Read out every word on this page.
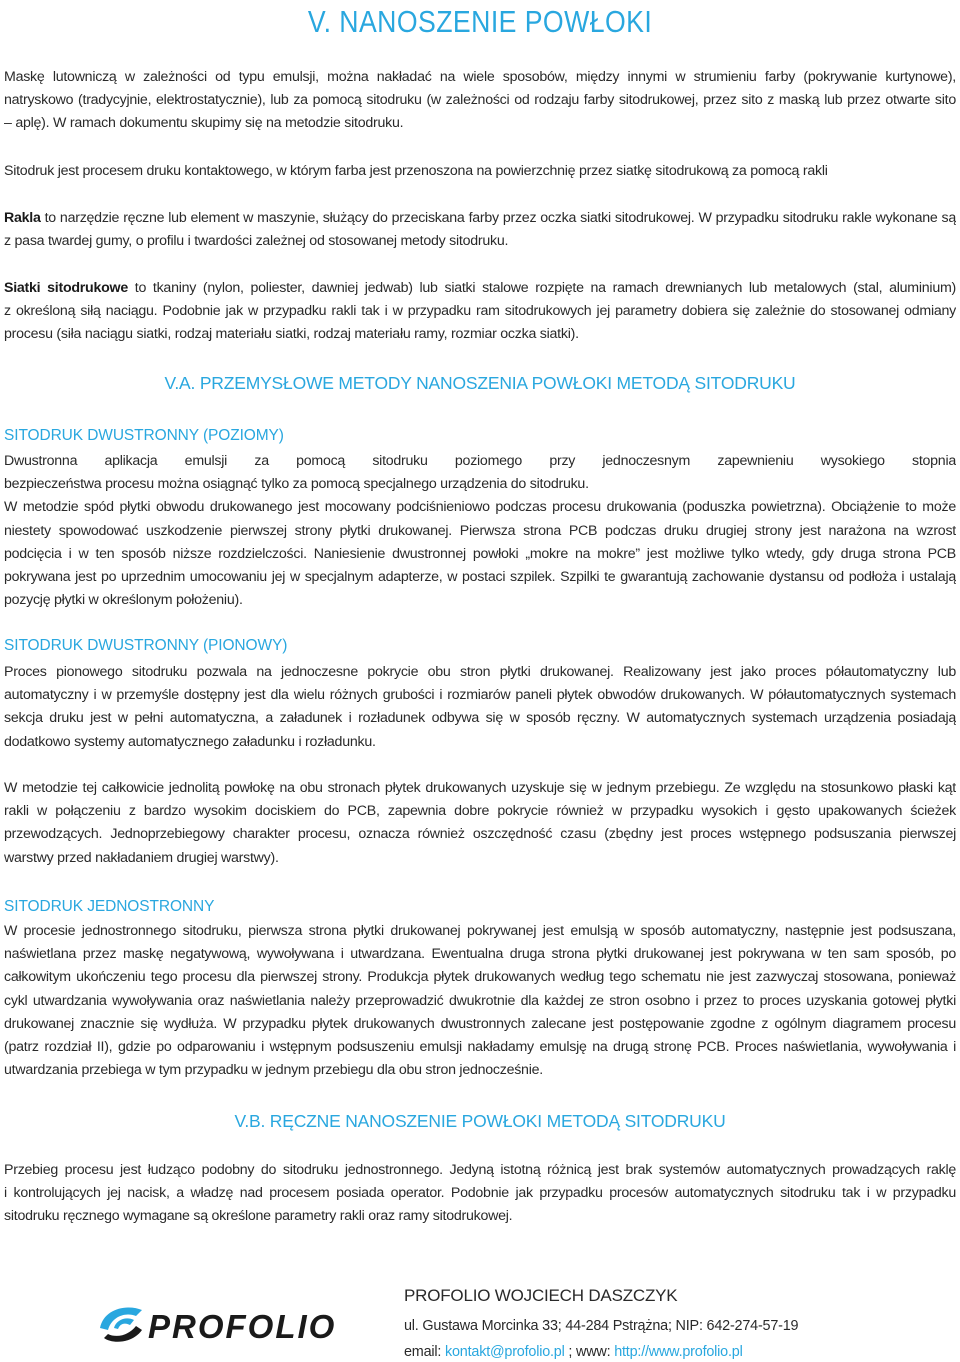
V. NANOSZENIE POWŁOKI
Maskę lutowniczą w zależności od typu emulsji, można nakładać na wiele sposobów, między innymi w strumieniu farby (pokrywanie kurtynowe),
natryskowo (tradycyjnie, elektrostatycznie), lub za pomocą sitodruku (w zależności od rodzaju farby sitodrukowej, przez sito z maską lub przez otwarte sito
– aplę). W ramach dokumentu skupimy się na metodzie sitodruku.
Sitodruk jest procesem druku kontaktowego, w którym farba jest przenoszona na powierzchnię przez siatkę sitodrukową za pomocą rakli
Rakla to narzędzie ręczne lub element w maszynie, służący do przeciskana farby przez oczka siatki sitodrukowej. W przypadku sitodruku rakle wykonane są
z pasa twardej gumy, o profilu i twardości zależnej od stosowanej metody sitodruku.
Siatki sitodrukowe to tkaniny (nylon, poliester, dawniej jedwab) lub siatki stalowe rozpięte na ramach drewnianych lub metalowych (stal, aluminium)
z określoną siłą naciągu. Podobnie jak w przypadku rakli tak i w przypadku ram sitodrukowych jej parametry dobiera się zależnie do stosowanej odmiany
procesu (siła naciągu siatki, rodzaj materiału siatki, rodzaj materiału ramy, rozmiar oczka siatki).
V.A. PRZEMYSŁOWE METODY NANOSZENIA POWŁOKI METODĄ SITODRUKU
SITODRUK DWUSTRONNY (POZIOMY)
Dwustronna aplikacja emulsji za pomocą sitodruku poziomego przy jednoczesnym zapewnieniu wysokiego stopnia
bezpieczeństwa procesu można osiągnąć tylko za pomocą specjalnego urządzenia do sitodruku.
W metodzie spód płytki obwodu drukowanego jest mocowany podciśnieniowo podczas procesu drukowania (poduszka powietrzna). Obciążenie to może
niestety spowodować uszkodzenie pierwszej strony płytki drukowanej. Pierwsza strona PCB podczas druku drugiej strony jest narażona na wzrost
podcięcia i w ten sposób niższe rozdzielczości. Naniesienie dwustronnej powłoki „mokre na mokre” jest możliwe tylko wtedy, gdy druga strona PCB
pokrywana jest po uprzednim umocowaniu jej w specjalnym adapterze, w postaci szpilek. Szpilki te gwarantują zachowanie dystansu od podłoża i ustalają
pozycję płytki w określonym położeniu).
SITODRUK DWUSTRONNY (PIONOWY)
Proces pionowego sitodruku pozwala na jednoczesne pokrycie obu stron płytki drukowanej. Realizowany jest jako proces półautomatyczny lub
automatyczny i w przemyśle dostępny jest dla wielu różnych grubości i rozmiarów paneli płytek obwodów drukowanych. W półautomatycznych systemach
sekcja druku jest w pełni automatyczna, a załadunek i rozładunek odbywa się w sposób ręczny. W automatycznych systemach urządzenia posiadają
dodatkowo systemy automatycznego załadunku i rozładunku.
W metodzie tej całkowicie jednolitą powłokę na obu stronach płytek drukowanych uzyskuje się w jednym przebiegu. Ze względu na stosunkowo płaski kąt
rakli w połączeniu z bardzo wysokim dociskiem do PCB, zapewnia dobre pokrycie również w przypadku wysokich i gęsto upakowanych ścieżek
przewodzących. Jednoprzebiegowy charakter procesu, oznacza również oszczędność czasu (zbędny jest proces wstępnego podsuszania pierwszej
warstwy przed nakładaniem drugiej warstwy).
SITODRUK JEDNOSTRONNY
W procesie jednostronnego sitodruku, pierwsza strona płytki drukowanej pokrywanej jest emulsją w sposób automatyczny, następnie jest podsuszana,
naświetlana przez maskę negatywową, wywoływana i utwardzana. Ewentualna druga strona płytki drukowanej jest pokrywana w ten sam sposób, po
całkowitym ukończeniu tego procesu dla pierwszej strony. Produkcja płytek drukowanych według tego schematu nie jest zazwyczaj stosowana, ponieważ
cykl utwardzania wywoływania oraz naświetlania należy przeprowadzić dwukrotnie dla każdej ze stron osobno i przez to proces uzyskania gotowej płytki
drukowanej znacznie się wydłuża. W przypadku płytek drukowanych dwustronnych zalecane jest postępowanie zgodne z ogólnym diagramem procesu
(patrz rozdział II), gdzie po odparowaniu i wstępnym podsuszeniu emulsji nakładamy emulsję na drugą stronę PCB. Proces naświetlania, wywoływania i
utwardzania przebiega w tym przypadku w jednym przebiegu dla obu stron jednocześnie.
V.B. RĘCZNE NANOSZENIE POWŁOKI METODĄ SITODRUKU
Przebieg procesu jest łudząco podobny do sitodruku jednostronnego. Jedyną istotną różnicą jest brak systemów automatycznych prowadzących raklę
i kontrolujących jej nacisk, a władzę nad procesem posiada operator. Podobnie jak przypadku procesów automatycznych sitodruku tak i w przypadku
sitodruku ręcznego wymagane są określone parametry rakli oraz ramy sitodrukowej.
PROFOLIO
PROFOLIO WOJCIECH DASZCZYK
ul. Gustawa Morcinka 33; 44-284 Pstrążna; NIP: 642-274-57-19
email: kontakt@profolio.pl ; www: http://www.profolio.pl
